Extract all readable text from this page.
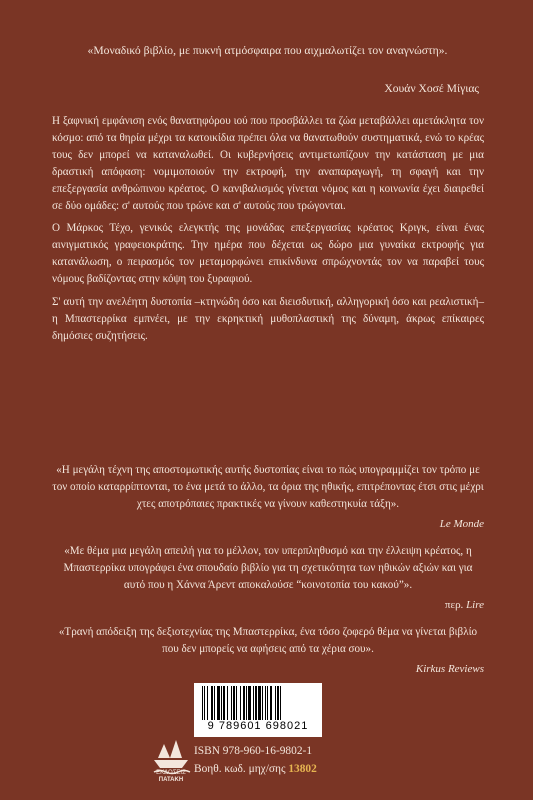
«Μοναδικό βιβλίο, με πυκνή ατμόσφαιρα που αιχμαλωτίζει τον αναγνώστη».
Χουάν Χοσέ Μίγιας

Η ξαφνική εμφάνιση ενός θανατηφόρου ιού που προσβάλλει τα ζώα μεταβάλλει αμετάκλητα τον κόσμο: από τα θηρία μέχρι τα κατοικίδια πρέπει όλα να θανατωθούν συστηματικά, ενώ το κρέας τους δεν μπορεί να καταναλωθεί. Οι κυβερνήσεις αντιμετωπίζουν την κατάσταση με μια δραστική απόφαση: νομιμοποιούν την εκτροφή, την αναπαραγωγή, τη σφαγή και την επεξεργασία ανθρώπινου κρέατος. Ο κανιβαλισμός γίνεται νόμος και η κοινωνία έχει διαιρεθεί σε δύο ομάδες: σ' αυτούς που τρώνε και σ' αυτούς που τρώγονται.

Ο Μάρκος Τέχο, γενικός ελεγκτής της μονάδας επεξεργασίας κρέατος Κριγκ, είναι ένας αινιγματικός γραφειοκράτης. Την ημέρα που δέχεται ως δώρο μια γυναίκα εκτροφής για κατανάλωση, ο πειρασμός τον μεταμορφώνει επικίνδυνα σπρώχνοντάς τον να παραβεί τους νόμους βαδίζοντας στην κόψη του ξυραφιού.

Σ' αυτή την ανελέητη δυστοπία –κτηνώδη όσο και διεισδυτική, αλληγορική όσο και ρεαλιστική– η Μπαστερρίκα εμπνέει, με την εκρηκτική μυθοπλαστική της δύναμη, άκρως επίκαιρες δημόσιες συζητήσεις.

«Η μεγάλη τέχνη της αποστομωτικής αυτής δυστοπίας είναι το πώς υπογραμμίζει τον τρόπο με τον οποίο καταρρίπτονται, το ένα μετά το άλλο, τα όρια της ηθικής, επιτρέποντας έτσι στις μέχρι χτες αποτρόπαιες πρακτικές να γίνουν καθεστηκυία τάξη».
Le Monde
«Με θέμα μια μεγάλη απειλή για το μέλλον, τον υπερπληθυσμό και την έλλειψη κρέατος, η Μπαστερρίκα υπογράφει ένα σπουδαίο βιβλίο για τη σχετικότητα των ηθικών αξιών και για αυτό που η Χάννα Άρεντ αποκαλούσε “κοινοτοπία του κακού”».
περ. Lire
«Τρανή απόδειξη της δεξιοτεχνίας της Μπαστερρίκα, ένα τόσο ζοφερό θέμα να γίνεται βιβλίο που δεν μπορείς να αφήσεις από τα χέρια σου».
Kirkus Reviews
9 789601 698021
ΕΚΔΟΣΕΙΣ
ΠΑΤΑΚΗ
ISBN 978-960-16-9802-1
Βοηθ. κωδ. μηχ/σης 13802
